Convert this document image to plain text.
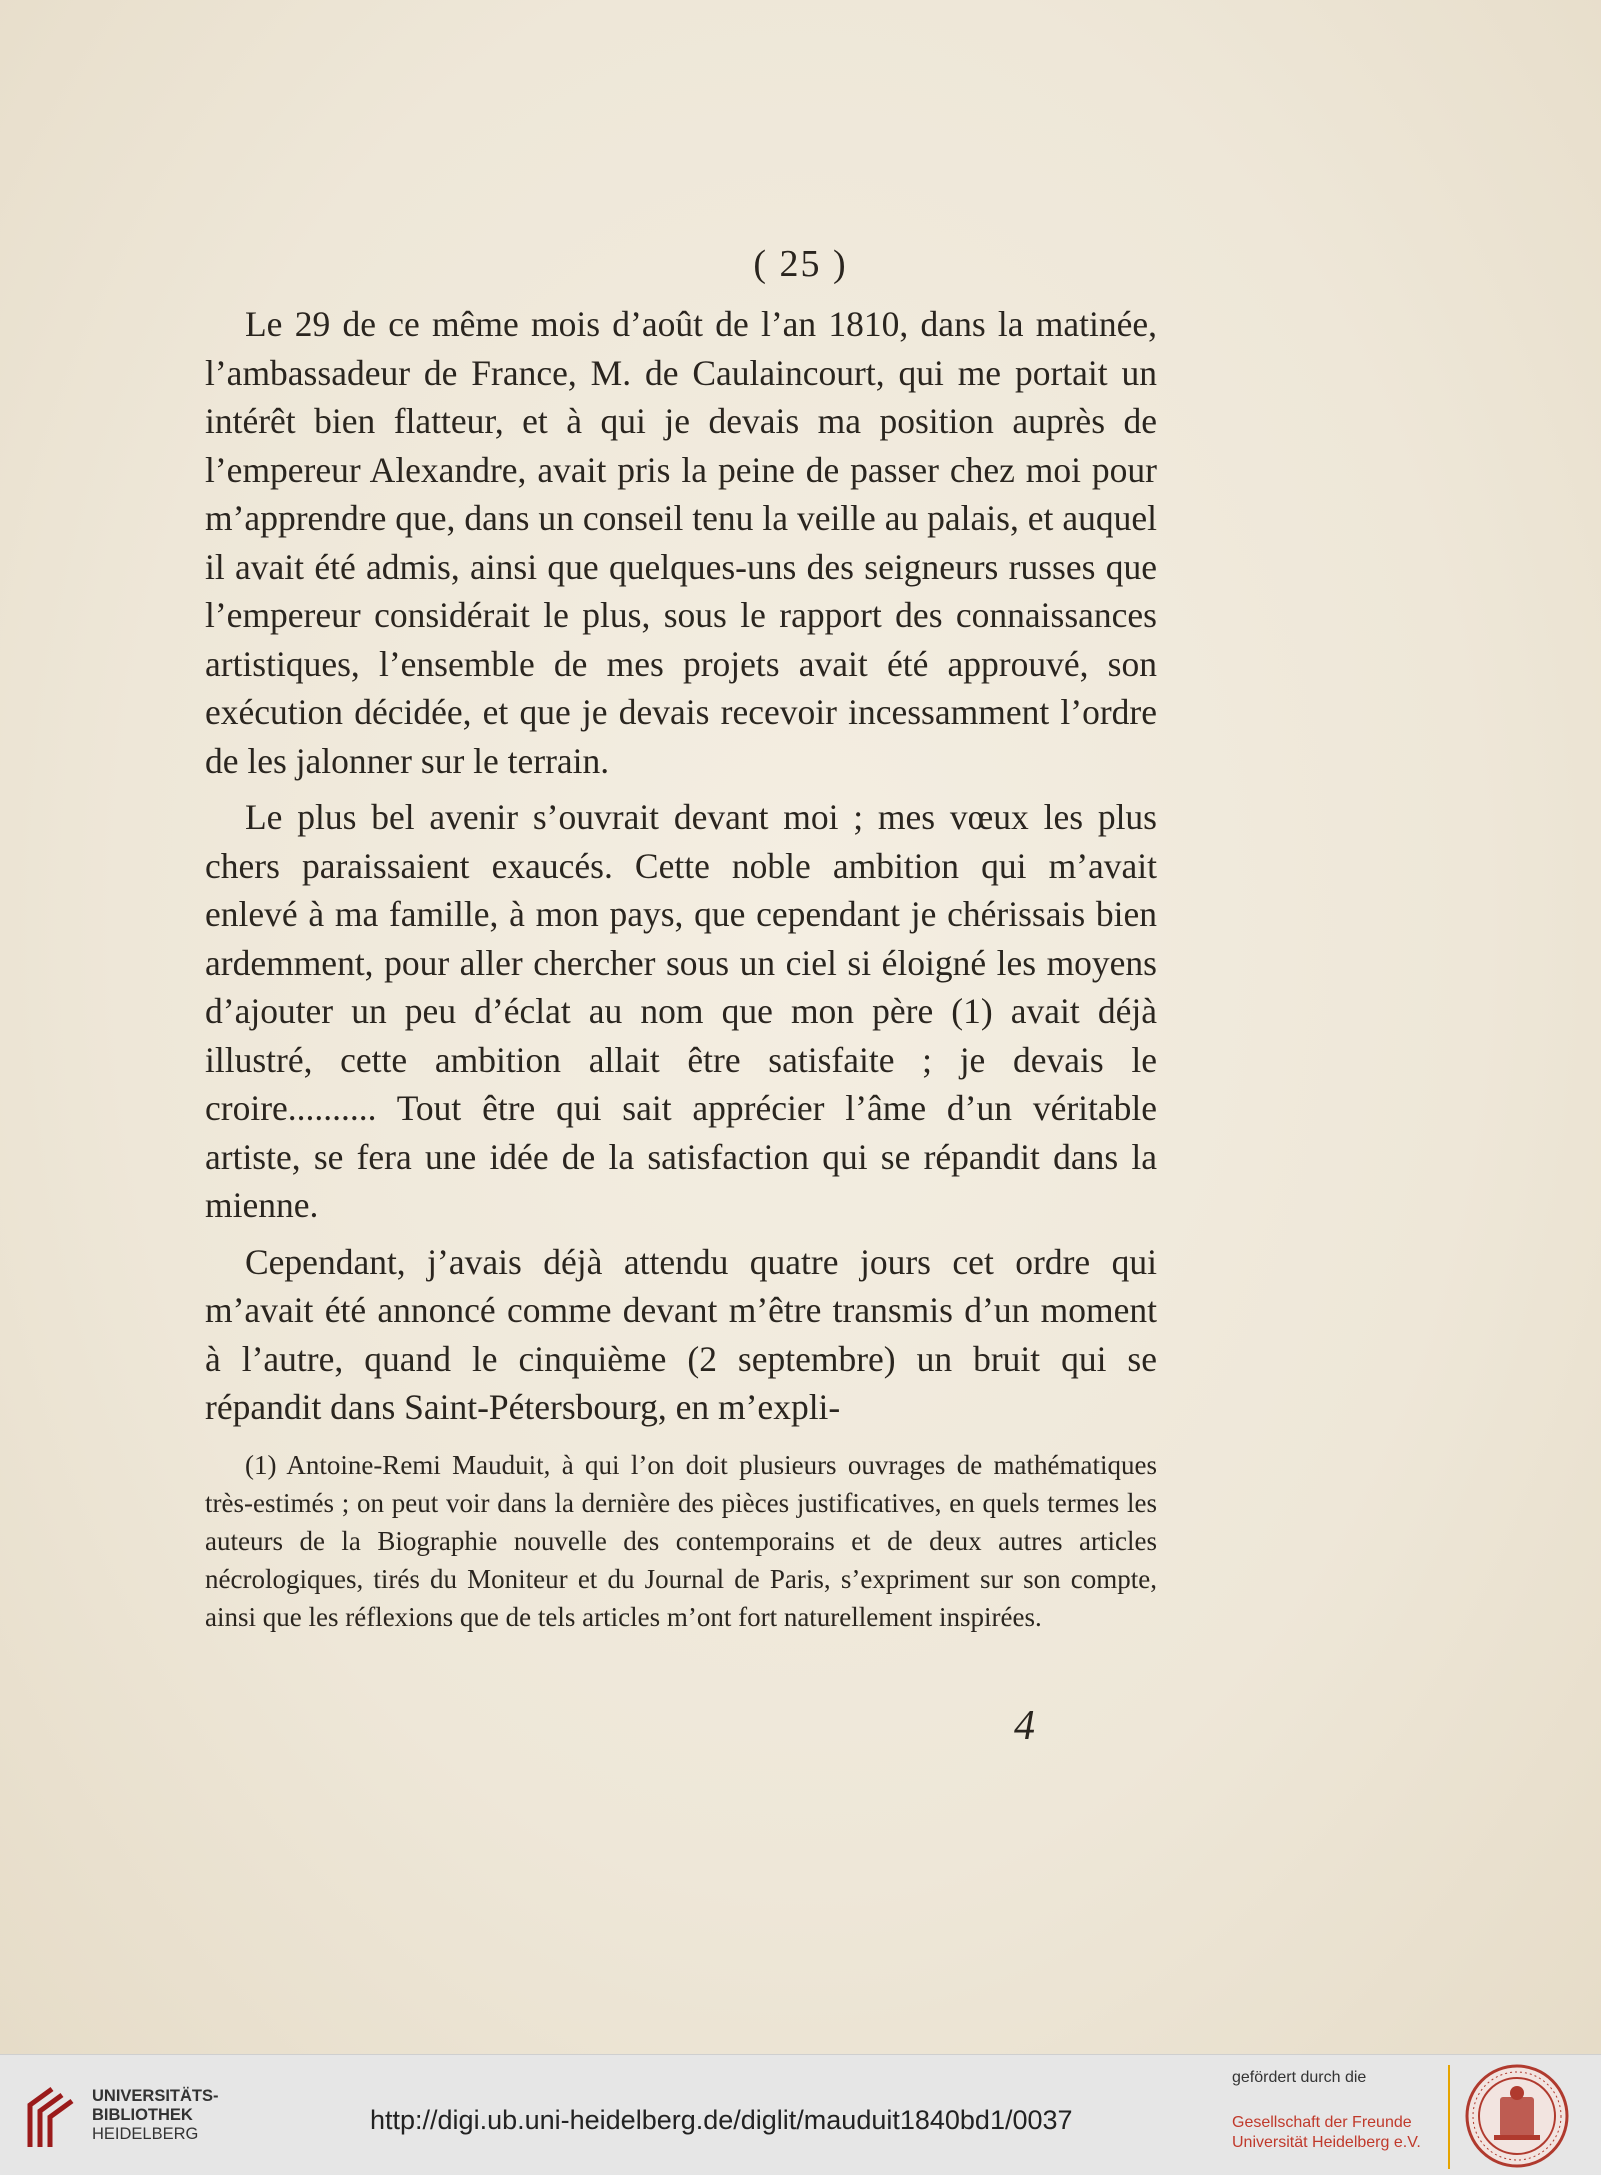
( 25 )

Le 29 de ce même mois d’août de l’an 1810, dans la matinée, l’ambassadeur de France, M. de Caulaincourt, qui me portait un intérêt bien flatteur, et à qui je devais ma position auprès de l’empereur Alexandre, avait pris la peine de passer chez moi pour m’apprendre que, dans un conseil tenu la veille au palais, et auquel il avait été admis, ainsi que quelques-uns des seigneurs russes que l’empereur considérait le plus, sous le rapport des connaissances artistiques, l’ensemble de mes projets avait été approuvé, son exécution décidée, et que je devais recevoir incessamment l’ordre de les jalonner sur le terrain.

Le plus bel avenir s’ouvrait devant moi ; mes vœux les plus chers paraissaient exaucés. Cette noble ambition qui m’avait enlevé à ma famille, à mon pays, que cependant je chérissais bien ardemment, pour aller chercher sous un ciel si éloigné les moyens d’ajouter un peu d’éclat au nom que mon père (1) avait déjà illustré, cette ambition allait être satisfaite ; je devais le croire.......... Tout être qui sait apprécier l’âme d’un véritable artiste, se fera une idée de la satisfaction qui se répandit dans la mienne.

Cependant, j’avais déjà attendu quatre jours cet ordre qui m’avait été annoncé comme devant m’être transmis d’un moment à l’autre, quand le cinquième (2 septembre) un bruit qui se répandit dans Saint-Pétersbourg, en m’expli-

(1) Antoine-Remi Mauduit, à qui l’on doit plusieurs ouvrages de mathématiques très-estimés ; on peut voir dans la dernière des pièces justificatives, en quels termes les auteurs de la Biographie nouvelle des contemporains et de deux autres articles nécrologiques, tirés du Moniteur et du Journal de Paris, s’expriment sur son compte, ainsi que les réflexions que de tels articles m’ont fort naturellement inspirées.
4
UNIVERSITÄTS-
BIBLIOTHEK
HEIDELBERG	http://digi.ub.uni-heidelberg.de/diglit/mauduit1840bd1/0037
gefördert durch die
Gesellschaft der Freunde
Universität Heidelberg e.V.
